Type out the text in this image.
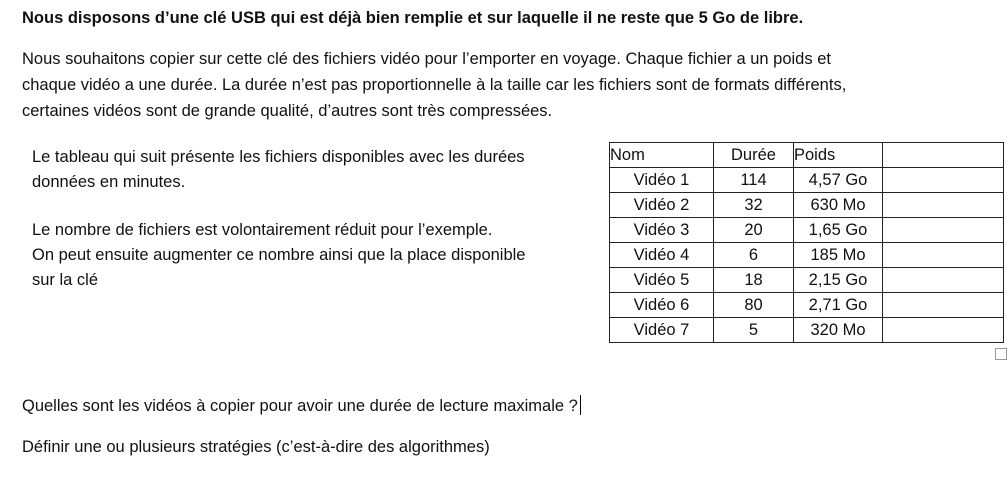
Nous disposons d’une clé USB qui est déjà bien remplie et sur laquelle il ne reste que 5 Go de libre.
Nous souhaitons copier sur cette clé des fichiers vidéo pour l’emporter en voyage. Chaque fichier a un poids et
chaque vidéo a une durée. La durée n’est pas proportionnelle à la taille car les fichiers sont de formats différents,
certaines vidéos sont de grande qualité, d’autres sont très compressées.
Le tableau qui suit présente les fichiers disponibles avec les durées
données en minutes.
Le nombre de fichiers est volontairement réduit pour l’exemple.
On peut ensuite augmenter ce nombre ainsi que la place disponible
sur la clé
Nom	Durée	Poids	
Vidéo 1	114	4,57 Go	
Vidéo 2	32	630 Mo	
Vidéo 3	20	1,65 Go	
Vidéo 4	6	185 Mo	
Vidéo 5	18	2,15 Go	
Vidéo 6	80	2,71 Go	
Vidéo 7	5	320 Mo	
Quelles sont les vidéos à copier pour avoir une durée de lecture maximale ?
Définir une ou plusieurs stratégies (c’est-à-dire des algorithmes)
